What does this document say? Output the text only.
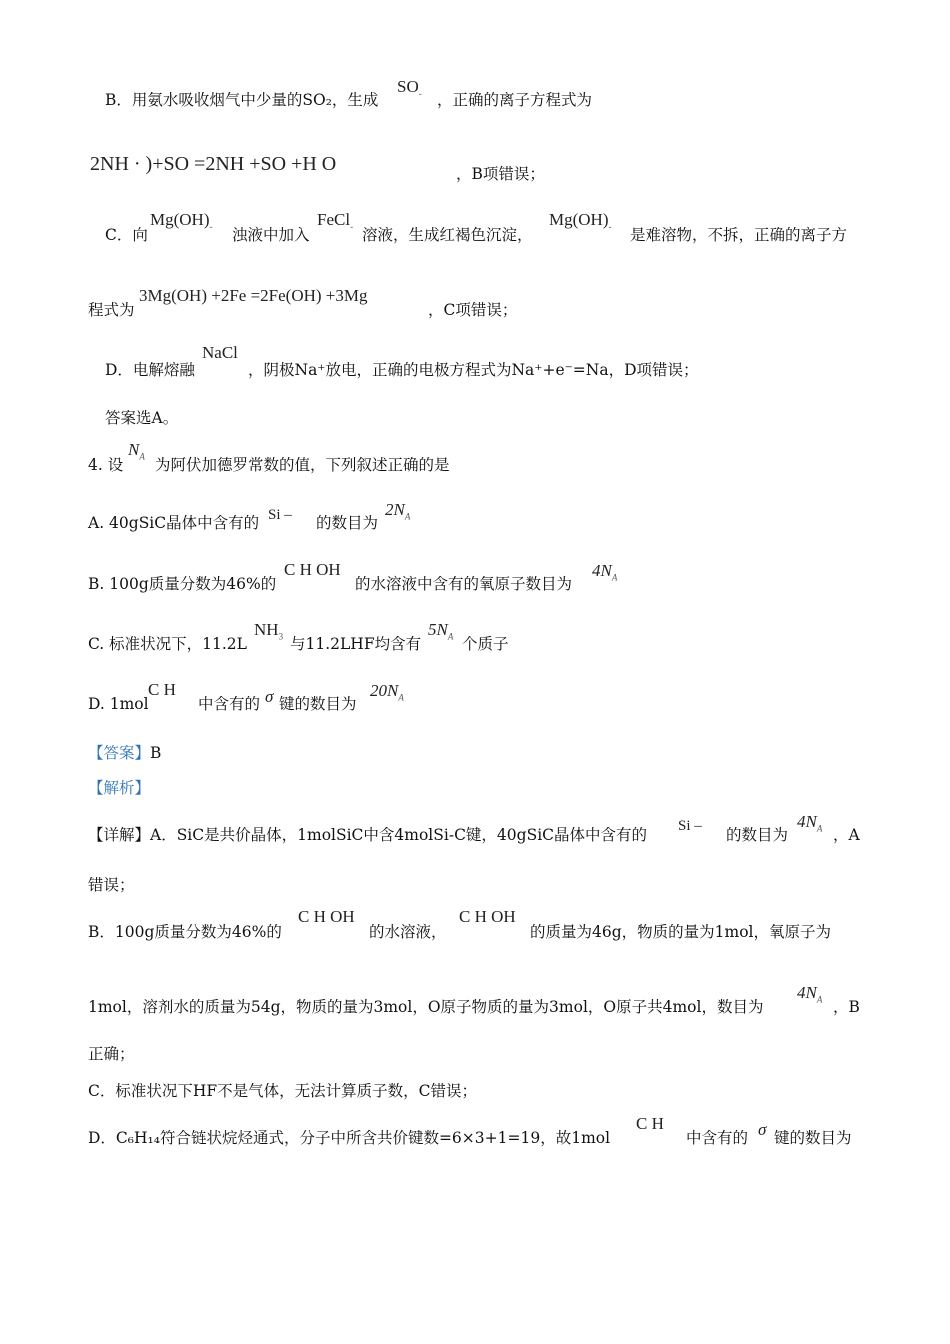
B．用氨水吸收烟气中少量的SO₂，生成
$SO_-$ ，正确的离子方程式为
2NH · )+SO =2NH +SO +H O	，B项错误；
C．向
$Mg(OH)_-$ 浊液中加入
FeCl$_-$ 溶液，生成红褐色沉淀，
$Mg(OH)_-$ 是难溶物，不拆，正确的离子方
程式为
3Mg(OH) +2Fe =2Fe(OH) +3Mg
，C项错误；
D．电解熔融
NaCl
，阴极Na⁺放电，正确的电极方程式为Na⁺+e⁻=Na，D项错误；
答案选A。
4. 设
$N_A$ 为阿伏加德罗常数的值，下列叙述正确的是
A. 40gSiC晶体中含有的 Si – 的数目为
$2N_A$
B. 100g质量分数为46%的
C H OH
的水溶液中含有的氧原子数目为
$4N_A$
C. 标准状况下，11.2L
$NH_3$ 与11.2LHF均含有
$5N_A$ 个质子
D. 1mol
C H
中含有的 σ 键的数目为
$20N_A$
【答案】B
【解析】
【详解】A．SiC是共价晶体，1molSiC中含4molSi-C键，40gSiC晶体中含有的 Si – 的数目为
$4N_A$ ，A
错误；
B．100g质量分数为46%的
C H OH
的水溶液，
C H OH
的质量为46g，物质的量为1mol，氧原子为
1mol，溶剂水的质量为54g，物质的量为3mol，O原子物质的量为3mol，O原子共4mol，数目为
$4N_A$ ，B
正确；
C．标准状况下HF不是气体，无法计算质子数，C错误；
D．C₆H₁₄符合链状烷烃通式，分子中所含共价键数=6×3+1=19，故1mol
C H
中含有的 σ 键的数目为
